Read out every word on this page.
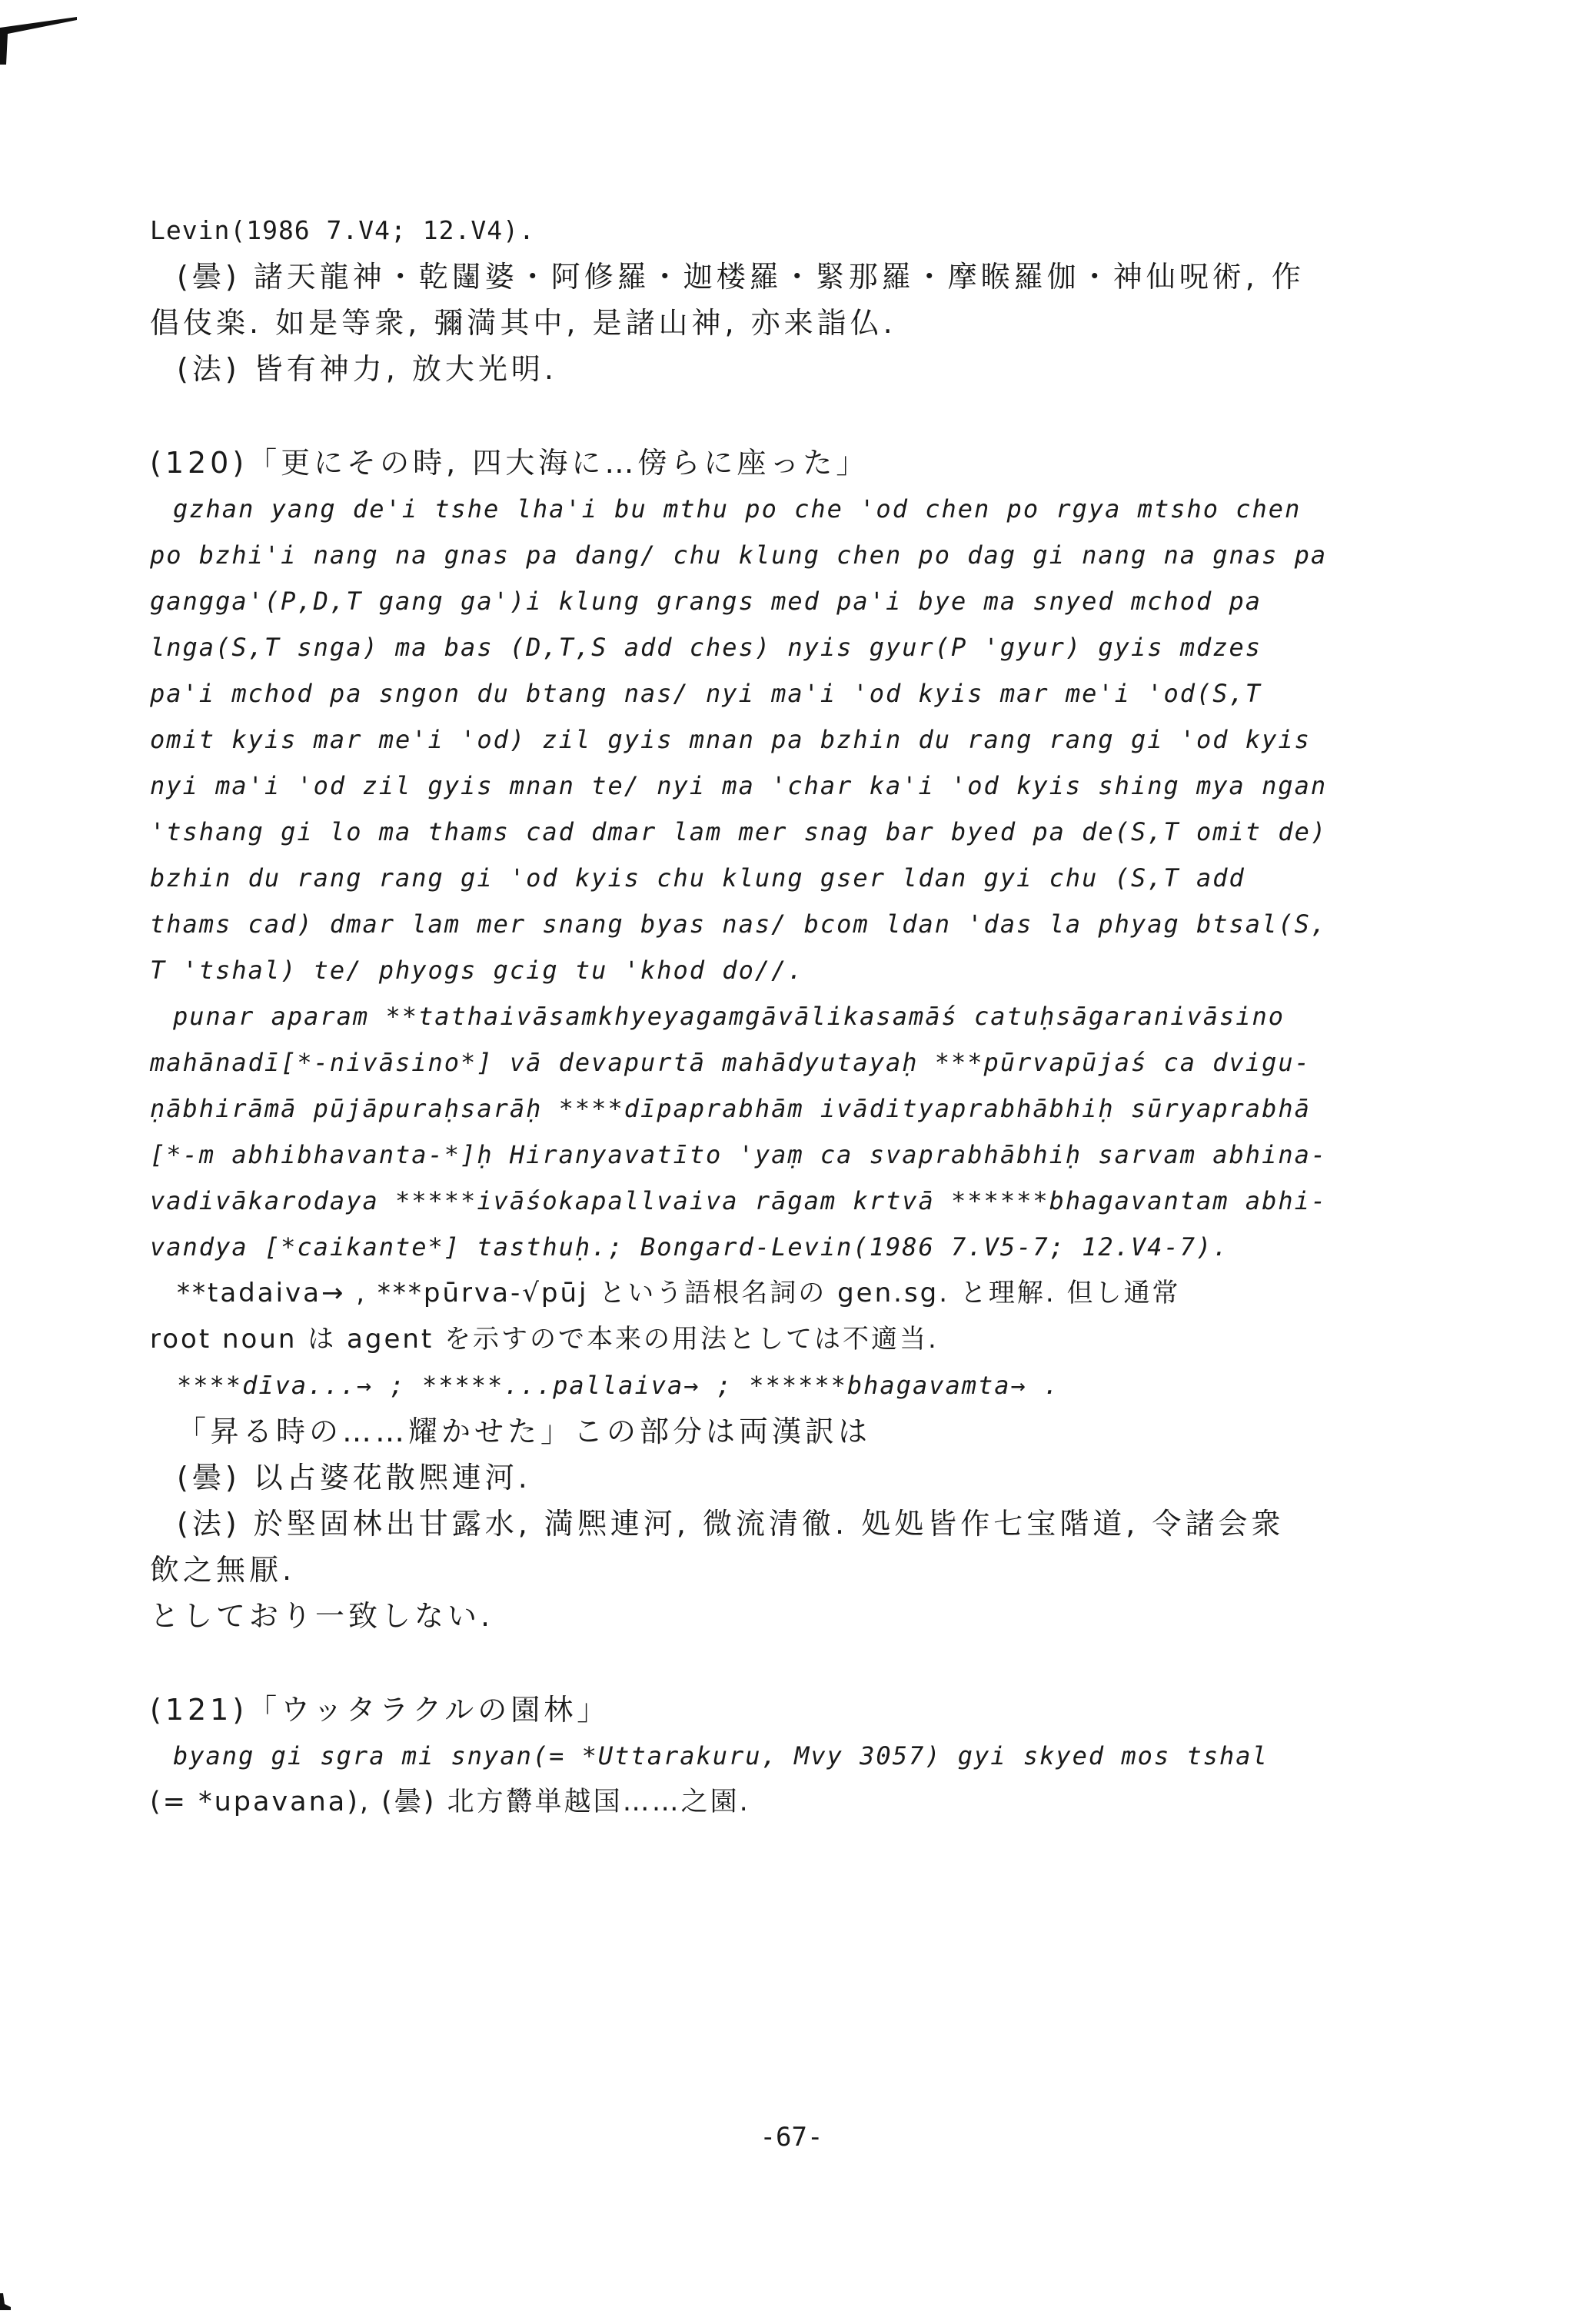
Levin(1986 7.V4; 12.V4).

(曇) 諸天龍神・乾闥婆・阿修羅・迦楼羅・緊那羅・摩睺羅伽・神仙呪術, 作

倡伎楽. 如是等衆, 彌満其中, 是諸山神, 亦来詣仏.

(法) 皆有神力, 放大光明.

(120)「更にその時, 四大海に…傍らに座った」

gzhan yang de'i tshe lha'i bu mthu po che 'od chen po rgya mtsho chen

po bzhi'i nang na gnas pa dang/ chu klung chen po dag gi nang na gnas pa

gangga'(P,D,T gang ga')i klung grangs med pa'i bye ma snyed mchod pa

lnga(S,T snga) ma bas (D,T,S add ches) nyis gyur(P 'gyur) gyis mdzes

pa'i mchod pa sngon du btang nas/ nyi ma'i 'od kyis mar me'i 'od(S,T

omit kyis mar me'i 'od) zil gyis mnan pa bzhin du rang rang gi 'od kyis

nyi ma'i 'od zil gyis mnan te/ nyi ma 'char ka'i 'od kyis shing mya ngan

'tshang gi lo ma thams cad dmar lam mer snag bar byed pa de(S,T omit de)

bzhin du rang rang gi 'od kyis chu klung gser ldan gyi chu (S,T add

thams cad) dmar lam mer snang byas nas/ bcom ldan 'das la phyag btsal(S,

T 'tshal) te/ phyogs gcig tu 'khod do//.

punar aparam **tathaivāsamkhyeyagamgāvālikasamāś catuḥsāgaranivāsino

mahānadī[*-nivāsino*] vā devapurtā mahādyutayaḥ ***pūrvapūjaś ca dvigu-

ṇābhirāmā pūjāpuraḥsarāḥ ****dīpaprabhām ivādityaprabhābhiḥ sūryaprabhā

[*-m abhibhavanta-*]ḥ Hiranyavatīto 'yaṃ ca svaprabhābhiḥ sarvam abhina-

vadivākarodaya *****ivāśokapallvaiva rāgam krtvā ******bhagavantam abhi-

vandya [*caikante*] tasthuḥ.; Bongard-Levin(1986 7.V5-7; 12.V4-7).

**tadaiva→ , ***pūrva-√pūj という語根名詞の gen.sg. と理解. 但し通常

root noun は agent を示すので本来の用法としては不適当.

****dīva...→ ; *****...pallaiva→ ; ******bhagavamta→ .

「昇る時の……耀かせた」この部分は両漢訳は

(曇) 以占婆花散熈連河.

(法) 於堅固林出甘露水, 満熈連河, 微流清徹. 処処皆作七宝階道, 令諸会衆

飲之無厭.

としており一致しない.

(121)「ウッタラクルの園林」

byang gi sgra mi snyan(= *Uttarakuru, Mvy 3057) gyi skyed mos tshal

(= *upavana), (曇) 北方欝単越国……之園.

-67-
